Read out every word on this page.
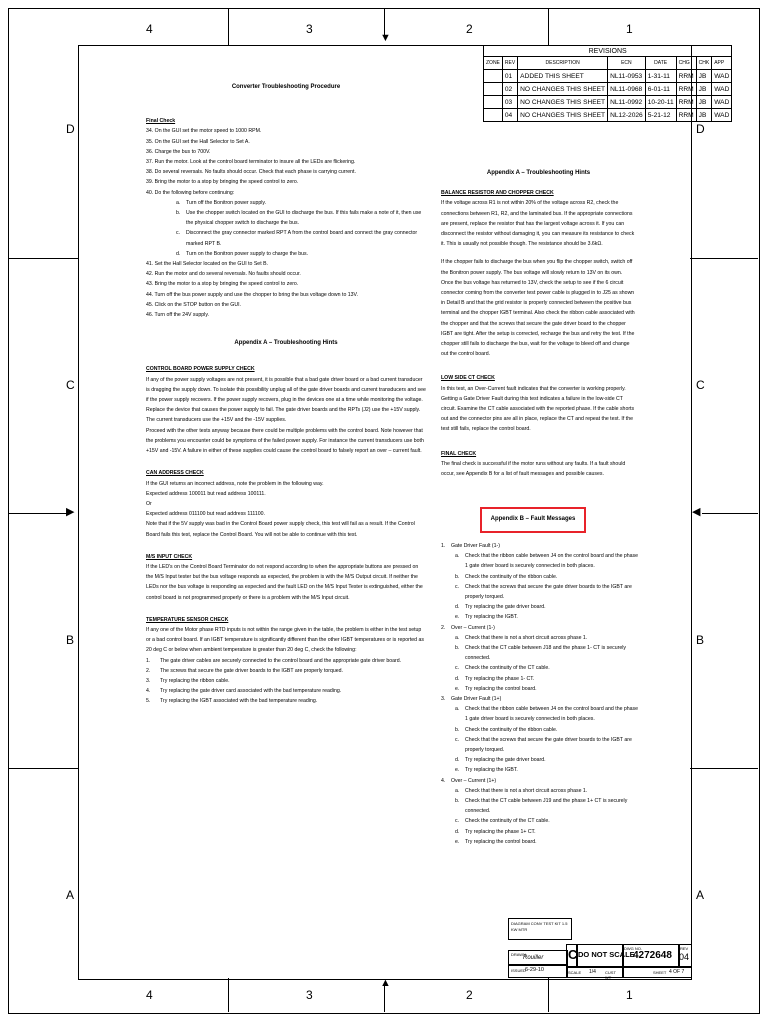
4	3	2	1
4	3	2	1
D
C
B
A
D
C
B
A
▼
▲
▶	◀
REVISIONS							
ZONE	REV	DESCRIPTION	ECN	DATE	CHG	CHK	APP
	01	ADDED THIS SHEET	NL11-0953	1-31-11	RRM	JB	WAD
	02	NO CHANGES THIS SHEET	NL11-0968	6-01-11	RRM	JB	WAD
	03	NO CHANGES THIS SHEET	NL11-0992	10-20-11	RRM	JB	WAD
	04	NO CHANGES THIS SHEET	NL12-2026	5-21-12	RRM	JB	WAD
Converter Troubleshooting Procedure
Final Check
34. On the GUI set the motor speed to 1000 RPM.
35. On the GUI set the Hall Selector to Set A.
36. Charge the bus to 700V.
37. Run the motor. Look at the control board terminator to insure all the LEDs are flickering.
38. Do several reversals. No faults should occur. Check that each phase is carrying current.
39. Bring the motor to a stop by bringing the speed control to zero.
40. Do the following before continuing:
a.	Turn off the Bonitron power supply.
b.	Use the chopper switch located on the GUI to discharge the bus. If this fails make a note of it, then use the physical chopper switch to discharge the bus.
c.	Disconnect the gray connector marked RPT A from the control board and connect the gray connector marked RPT B.
d.	Turn on the Bonitron power supply to charge the bus.
41. Set the Hall Selector located on the GUI to Set B.
42. Run the motor and do several reversals. No faults should occur.
43. Bring the motor to a stop by bringing the speed control to zero.
44. Turn off the bus power supply and use the chopper to bring the bus voltage down to 13V.
45. Click on the STOP button on the GUI.
46. Turn off the 24V supply.
Appendix A – Troubleshooting Hints
CONTROL BOARD POWER SUPPLY CHECK
If any of the power supply voltages are not present, it is possible that a bad gate driver board or a bad current transducer is dragging the supply down. To isolate this possibility unplug all of the gate driver boards and current transducers and see if the power supply recovers. If the power supply recovers, plug in the devices one at a time while monitoring the voltage. Replace the device that causes the power supply to fail. The gate driver boards and the RPTs (J2) use the +15V supply. The current transducers use the +15V and the -15V supplies.
Proceed with the other tests anyway because there could be multiple problems with the control board. Note however that the problems you encounter could be symptoms of the failed power supply. For instance the current transducers use both +15V and -15V. A failure in either of these supplies could cause the control board to falsely report an over – current fault.
CAN ADDRESS CHECK
If the GUI returns an incorrect address, note the problem in the following way.
Expected address 100011 but read address 100111.
Or
Expected address 011100 but read address 111100.
Note that if the 5V supply was bad in the Control Board power supply check, this test will fail as a result. If the Control Board fails this test, replace the Control Board. You will not be able to continue with this test.
M/S INPUT CHECK
If the LED's on the Control Board Terminator do not respond according to when the appropriate buttons are pressed on the M/S Input tester but the bus voltage responds as expected, the problem is with the M/S Output circuit. If neither the LEDs nor the bus voltage is responding as expected and the fault LED on the M/S Input Tester is extinguished, either the control board is not programmed properly or there is a problem with the M/S Input circuit.
TEMPERATURE SENSOR CHECK
If any one of the Motor phase RTD inputs is not within the range given in the table, the problem is either in the test setup or a bad control board. If an IGBT temperature is significantly different than the other IGBT temperatures or is reported as 20 deg C or below when ambient temperature is greater than 20 deg C, check the following:
1.	The gate driver cables are securely connected to the control board and the appropriate gate driver board.
2.	The screws that secure the gate driver boards to the IGBT are properly torqued.
3.	Try replacing the ribbon cable.
4.	Try replacing the gate driver card associated with the bad temperature reading.
5.	Try replacing the IGBT associated with the bad temperature reading.
Appendix A – Troubleshooting Hints
BALANCE RESISTOR AND CHOPPER CHECK
If the voltage across R1 is not within 20% of the voltage across R2, check the connections between R1, R2, and the laminated bus. If the appropriate connections are present, replace the resistor that has the largest voltage across it. If you can disconnect the resistor without damaging it, you can measure its resistance to check it. This is usually not possible though. The resistance should be 3.6kΩ.
If the chopper fails to discharge the bus when you flip the chopper switch, switch off the Bonitron power supply. The bus voltage will slowly return to 13V on its own. Once the bus voltage has returned to 13V, check the setup to see if the 6 circuit connector coming from the converter test power cable is plugged in to J25 as shown in Detail B and that the grid resistor is properly connected between the positive bus terminal and the chopper IGBT terminal. Also check the ribbon cable associated with the chopper and that the screws that secure the gate driver board to the chopper IGBT are tight. After the setup is corrected, recharge the bus and retry the test. If the chopper still fails to discharge the bus, wait for the voltage to bleed off and change out the control board.
LOW SIDE CT CHECK
In this test, an Over-Current fault indicates that the converter is working properly. Getting a Gate Driver Fault during this test indicates a failure in the low-side CT circuit. Examine the CT cable associated with the reported phase. If the cable shorts out and the connector pins are all in place, replace the CT and repeat the test. If the test still fails, replace the control board.
FINAL CHECK
The final check is successful if the motor runs without any faults. If a fault should occur, see Appendix B for a list of fault messages and possible causes.
Appendix B – Fault Messages
1.	Gate Driver Fault (1-)
a.	Check that the ribbon cable between J4 on the control board and the phase 1 gate driver board is securely connected in both places.
b.	Check the continuity of the ribbon cable.
c.	Check that the screws that secure the gate driver boards to the IGBT are properly torqued.
d.	Try replacing the gate driver board.
e.	Try replacing the IGBT.
2.	Over – Current (1-)
a.	Check that there is not a short circuit across phase 1.
b.	Check that the CT cable between J18 and the phase 1- CT is securely connected.
c.	Check the continuity of the CT cable.
d.	Try replacing the phase 1- CT.
e.	Try replacing the control board.
3.	Gate Driver Fault (1+)
a.	Check that the ribbon cable between J4 on the control board and the phase 1 gate driver board is securely connected in both places.
b.	Check the continuity of the ribbon cable.
c.	Check that the screws that secure the gate driver boards to the IGBT are properly torqued.
d.	Try replacing the gate driver board.
e.	Try replacing the IGBT.
4.	Over – Current (1+)
a.	Check that there is not a short circuit across phase 1.
b.	Check that the CT cable between J19 and the phase 1+ CT is securely connected.
c.	Check the continuity of the CT cable.
d.	Try replacing the phase 1+ CT.
e.	Try replacing the control board.
DIAGRAM CONV TEST KIT 1.5 KW MTR
DRAWN
Rouiller
ISSUED 6-29-10
C DO NOT SCALE
DWG NO.
4272648
REV
04
SCALE 1/4 CUST WT
SHEET 4 OF 7
